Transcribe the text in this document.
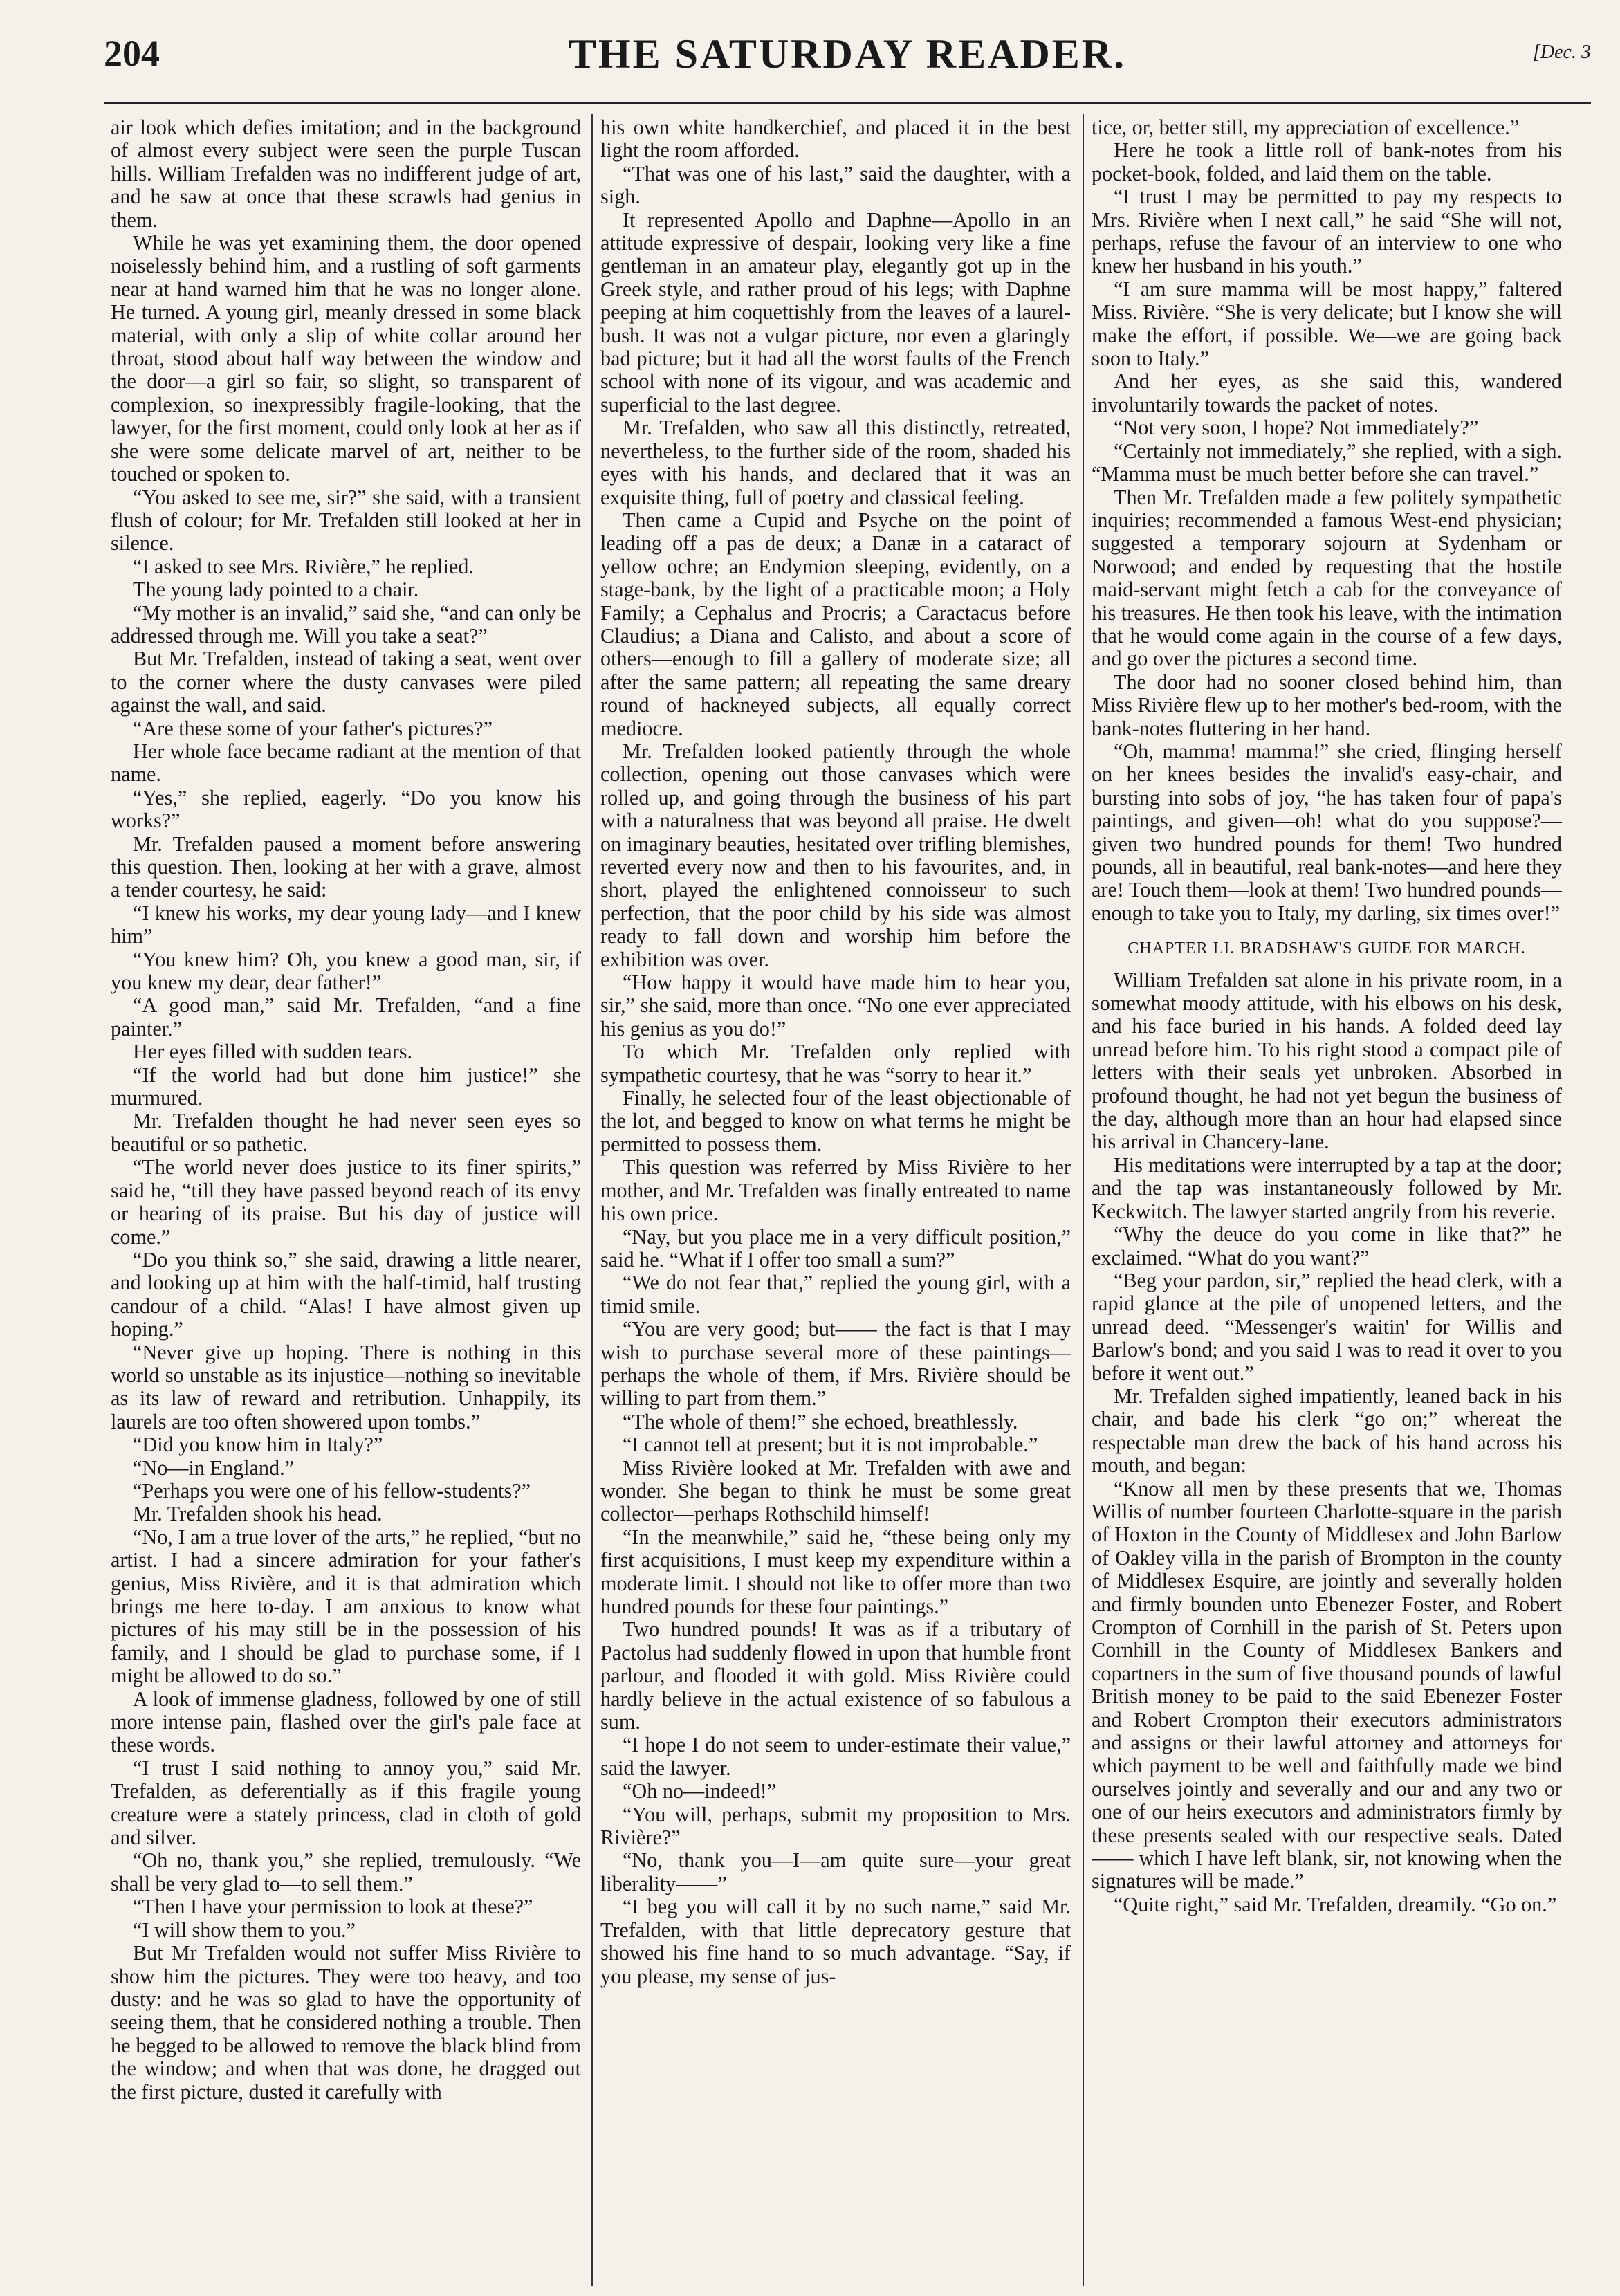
204	THE SATURDAY READER.	[Dec. 3

air look which defies imitation; and in the background of almost every subject were seen the purple Tuscan hills. William Trefalden was no indifferent judge of art, and he saw at once that these scrawls had genius in them.

While he was yet examining them, the door opened noiselessly behind him, and a rustling of soft garments near at hand warned him that he was no longer alone. He turned. A young girl, meanly dressed in some black material, with only a slip of white collar around her throat, stood about half way between the window and the door—a girl so fair, so slight, so transparent of complexion, so inexpressibly fragile-looking, that the lawyer, for the first moment, could only look at her as if she were some delicate marvel of art, neither to be touched or spoken to.

“You asked to see me, sir?” she said, with a transient flush of colour; for Mr. Trefalden still looked at her in silence.

“I asked to see Mrs. Rivière,” he replied.

The young lady pointed to a chair.

“My mother is an invalid,” said she, “and can only be addressed through me. Will you take a seat?”

But Mr. Trefalden, instead of taking a seat, went over to the corner where the dusty canvases were piled against the wall, and said.

“Are these some of your father's pictures?”

Her whole face became radiant at the mention of that name.

“Yes,” she replied, eagerly. “Do you know his works?”

Mr. Trefalden paused a moment before answering this question. Then, looking at her with a grave, almost a tender courtesy, he said:

“I knew his works, my dear young lady—and I knew him”

“You knew him? Oh, you knew a good man, sir, if you knew my dear, dear father!”

“A good man,” said Mr. Trefalden, “and a fine painter.”

Her eyes filled with sudden tears.

“If the world had but done him justice!” she murmured.

Mr. Trefalden thought he had never seen eyes so beautiful or so pathetic.

“The world never does justice to its finer spirits,” said he, “till they have passed beyond reach of its envy or hearing of its praise. But his day of justice will come.”

“Do you think so,” she said, drawing a little nearer, and looking up at him with the half-timid, half trusting candour of a child. “Alas! I have almost given up hoping.”

“Never give up hoping. There is nothing in this world so unstable as its injustice—nothing so inevitable as its law of reward and retribution. Unhappily, its laurels are too often showered upon tombs.”

“Did you know him in Italy?”

“No—in England.”

“Perhaps you were one of his fellow-students?”

Mr. Trefalden shook his head.

“No, I am a true lover of the arts,” he replied, “but no artist. I had a sincere admiration for your father's genius, Miss Rivière, and it is that admiration which brings me here to-day. I am anxious to know what pictures of his may still be in the possession of his family, and I should be glad to purchase some, if I might be allowed to do so.”

A look of immense gladness, followed by one of still more intense pain, flashed over the girl's pale face at these words.

“I trust I said nothing to annoy you,” said Mr. Trefalden, as deferentially as if this fragile young creature were a stately princess, clad in cloth of gold and silver.

“Oh no, thank you,” she replied, tremulously. “We shall be very glad to—to sell them.”

“Then I have your permission to look at these?”

“I will show them to you.”

But Mr Trefalden would not suffer Miss Rivière to show him the pictures. They were too heavy, and too dusty: and he was so glad to have the opportunity of seeing them, that he considered nothing a trouble. Then he begged to be allowed to remove the black blind from the window; and when that was done, he dragged out the first picture, dusted it carefully with

his own white handkerchief, and placed it in the best light the room afforded.

“That was one of his last,” said the daughter, with a sigh.

It represented Apollo and Daphne—Apollo in an attitude expressive of despair, looking very like a fine gentleman in an amateur play, elegantly got up in the Greek style, and rather proud of his legs; with Daphne peeping at him coquettishly from the leaves of a laurel-bush. It was not a vulgar picture, nor even a glaringly bad picture; but it had all the worst faults of the French school with none of its vigour, and was academic and superficial to the last degree.

Mr. Trefalden, who saw all this distinctly, retreated, nevertheless, to the further side of the room, shaded his eyes with his hands, and declared that it was an exquisite thing, full of poetry and classical feeling.

Then came a Cupid and Psyche on the point of leading off a pas de deux; a Danæ in a cataract of yellow ochre; an Endymion sleeping, evidently, on a stage-bank, by the light of a practicable moon; a Holy Family; a Cephalus and Procris; a Caractacus before Claudius; a Diana and Calisto, and about a score of others—enough to fill a gallery of moderate size; all after the same pattern; all repeating the same dreary round of hackneyed subjects, all equally correct mediocre.

Mr. Trefalden looked patiently through the whole collection, opening out those canvases which were rolled up, and going through the business of his part with a naturalness that was beyond all praise. He dwelt on imaginary beauties, hesitated over trifling blemishes, reverted every now and then to his favourites, and, in short, played the enlightened connoisseur to such perfection, that the poor child by his side was almost ready to fall down and worship him before the exhibition was over.

“How happy it would have made him to hear you, sir,” she said, more than once. “No one ever appreciated his genius as you do!”

To which Mr. Trefalden only replied with sympathetic courtesy, that he was “sorry to hear it.”

Finally, he selected four of the least objectionable of the lot, and begged to know on what terms he might be permitted to possess them.

This question was referred by Miss Rivière to her mother, and Mr. Trefalden was finally entreated to name his own price.

“Nay, but you place me in a very difficult position,” said he. “What if I offer too small a sum?”

“We do not fear that,” replied the young girl, with a timid smile.

“You are very good; but—— the fact is that I may wish to purchase several more of these paintings—perhaps the whole of them, if Mrs. Rivière should be willing to part from them.”

“The whole of them!” she echoed, breathlessly.

“I cannot tell at present; but it is not improbable.”

Miss Rivière looked at Mr. Trefalden with awe and wonder. She began to think he must be some great collector—perhaps Rothschild himself!

“In the meanwhile,” said he, “these being only my first acquisitions, I must keep my expenditure within a moderate limit. I should not like to offer more than two hundred pounds for these four paintings.”

Two hundred pounds! It was as if a tributary of Pactolus had suddenly flowed in upon that humble front parlour, and flooded it with gold. Miss Rivière could hardly believe in the actual existence of so fabulous a sum.

“I hope I do not seem to under-estimate their value,” said the lawyer.

“Oh no—indeed!”

“You will, perhaps, submit my proposition to Mrs. Rivière?”

“No, thank you—I—am quite sure—your great liberality——”

“I beg you will call it by no such name,” said Mr. Trefalden, with that little deprecatory gesture that showed his fine hand to so much advantage. “Say, if you please, my sense of jus-

tice, or, better still, my appreciation of excellence.”

Here he took a little roll of bank-notes from his pocket-book, folded, and laid them on the table.

“I trust I may be permitted to pay my respects to Mrs. Rivière when I next call,” he said “She will not, perhaps, refuse the favour of an interview to one who knew her husband in his youth.”

“I am sure mamma will be most happy,” faltered Miss. Rivière. “She is very delicate; but I know she will make the effort, if possible. We—we are going back soon to Italy.”

And her eyes, as she said this, wandered involuntarily towards the packet of notes.

“Not very soon, I hope? Not immediately?”

“Certainly not immediately,” she replied, with a sigh. “Mamma must be much better before she can travel.”

Then Mr. Trefalden made a few politely sympathetic inquiries; recommended a famous West-end physician; suggested a temporary sojourn at Sydenham or Norwood; and ended by requesting that the hostile maid-servant might fetch a cab for the conveyance of his treasures. He then took his leave, with the intimation that he would come again in the course of a few days, and go over the pictures a second time.

The door had no sooner closed behind him, than Miss Rivière flew up to her mother's bed-room, with the bank-notes fluttering in her hand.

“Oh, mamma! mamma!” she cried, flinging herself on her knees besides the invalid's easy-chair, and bursting into sobs of joy, “he has taken four of papa's paintings, and given—oh! what do you suppose?—given two hundred pounds for them! Two hundred pounds, all in beautiful, real bank-notes—and here they are! Touch them—look at them! Two hundred pounds—enough to take you to Italy, my darling, six times over!”

CHAPTER LI. BRADSHAW'S GUIDE FOR MARCH.

William Trefalden sat alone in his private room, in a somewhat moody attitude, with his elbows on his desk, and his face buried in his hands. A folded deed lay unread before him. To his right stood a compact pile of letters with their seals yet unbroken. Absorbed in profound thought, he had not yet begun the business of the day, although more than an hour had elapsed since his arrival in Chancery-lane.

His meditations were interrupted by a tap at the door; and the tap was instantaneously followed by Mr. Keckwitch. The lawyer started angrily from his reverie.

“Why the deuce do you come in like that?” he exclaimed. “What do you want?”

“Beg your pardon, sir,” replied the head clerk, with a rapid glance at the pile of unopened letters, and the unread deed. “Messenger's waitin' for Willis and Barlow's bond; and you said I was to read it over to you before it went out.”

Mr. Trefalden sighed impatiently, leaned back in his chair, and bade his clerk “go on;” whereat the respectable man drew the back of his hand across his mouth, and began:

“Know all men by these presents that we, Thomas Willis of number fourteen Charlotte-square in the parish of Hoxton in the County of Middlesex and John Barlow of Oakley villa in the parish of Brompton in the county of Middlesex Esquire, are jointly and severally holden and firmly bounden unto Ebenezer Foster, and Robert Crompton of Cornhill in the parish of St. Peters upon Cornhill in the County of Middlesex Bankers and copartners in the sum of five thousand pounds of lawful British money to be paid to the said Ebenezer Foster and Robert Crompton their executors administrators and assigns or their lawful attorney and attorneys for which payment to be well and faithfully made we bind ourselves jointly and severally and our and any two or one of our heirs executors and administrators firmly by these presents sealed with our respective seals. Dated—— which I have left blank, sir, not knowing when the signatures will be made.”

“Quite right,” said Mr. Trefalden, dreamily. “Go on.”
